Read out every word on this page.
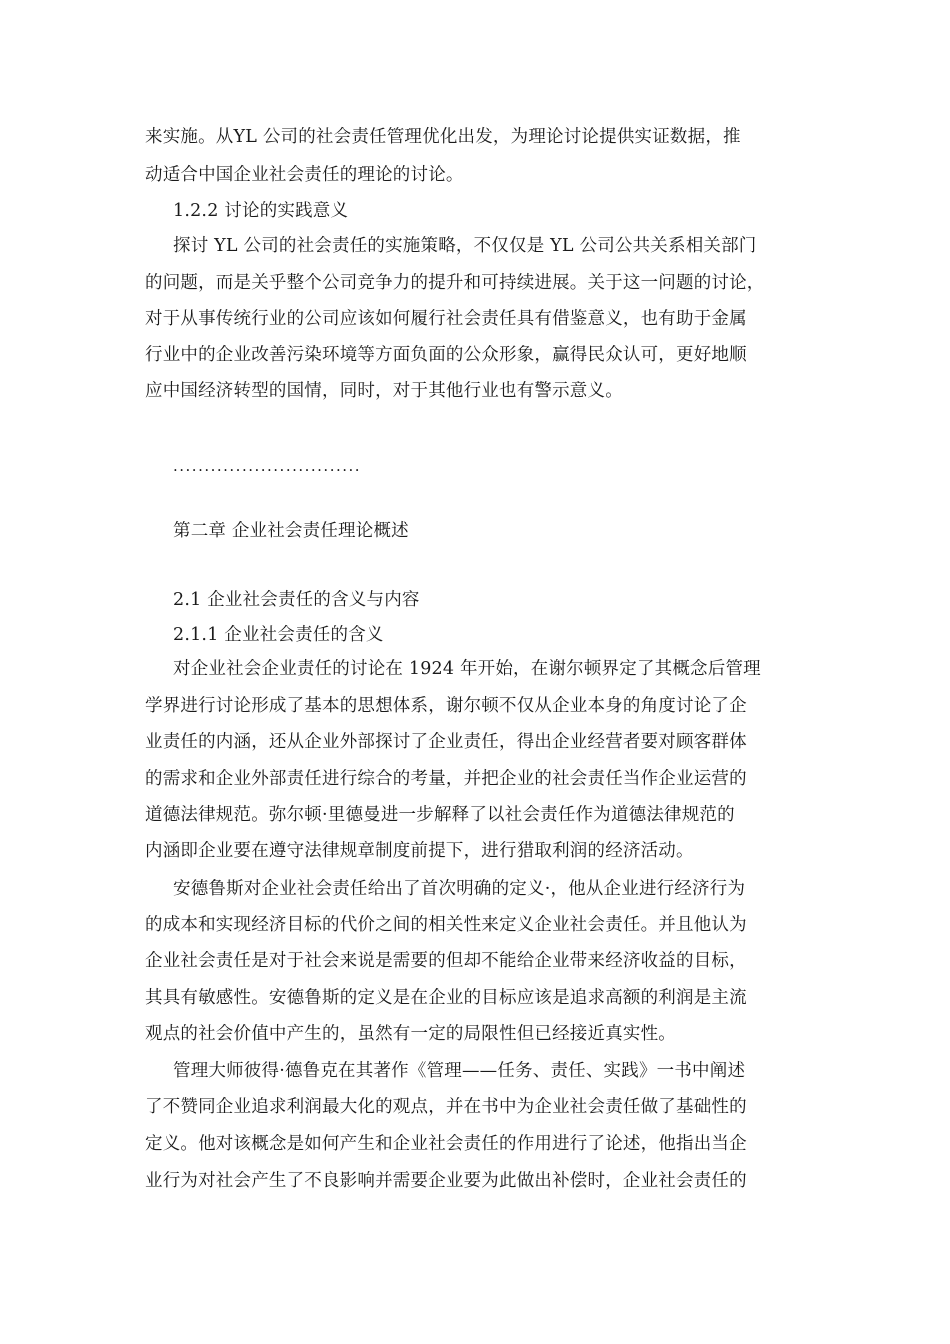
来实施。从YL 公司的社会责任管理优化出发，为理论讨论提供实证数据，推
动适合中国企业社会责任的理论的讨论。
1.2.2 讨论的实践意义
探讨 YL 公司的社会责任的实施策略，不仅仅是 YL 公司公共关系相关部门
的问题，而是关乎整个公司竞争力的提升和可持续进展。关于这一问题的讨论，
对于从事传统行业的公司应该如何履行社会责任具有借鉴意义，也有助于金属
行业中的企业改善污染环境等方面负面的公众形象，赢得民众认可，更好地顺
应中国经济转型的国情，同时，对于其他行业也有警示意义。
..............................
第二章 企业社会责任理论概述
2.1 企业社会责任的含义与内容
2.1.1 企业社会责任的含义
对企业社会企业责任的讨论在 1924 年开始，在谢尔顿界定了其概念后管理
学界进行讨论形成了基本的思想体系，谢尔顿不仅从企业本身的角度讨论了企
业责任的内涵，还从企业外部探讨了企业责任，得出企业经营者要对顾客群体
的需求和企业外部责任进行综合的考量，并把企业的社会责任当作企业运营的
道德法律规范。弥尔顿·里德曼进一步解释了以社会责任作为道德法律规范的
内涵即企业要在遵守法律规章制度前提下，进行猎取利润的经济活动。
安德鲁斯对企业社会责任给出了首次明确的定义·，他从企业进行经济行为
的成本和实现经济目标的代价之间的相关性来定义企业社会责任。并且他认为
企业社会责任是对于社会来说是需要的但却不能给企业带来经济收益的目标，
其具有敏感性。安德鲁斯的定义是在企业的目标应该是追求高额的利润是主流
观点的社会价值中产生的，虽然有一定的局限性但已经接近真实性。
管理大师彼得·德鲁克在其著作《管理——任务、责任、实践》一书中阐述
了不赞同企业追求利润最大化的观点，并在书中为企业社会责任做了基础性的
定义。他对该概念是如何产生和企业社会责任的作用进行了论述，他指出当企
业行为对社会产生了不良影响并需要企业要为此做出补偿时，企业社会责任的
